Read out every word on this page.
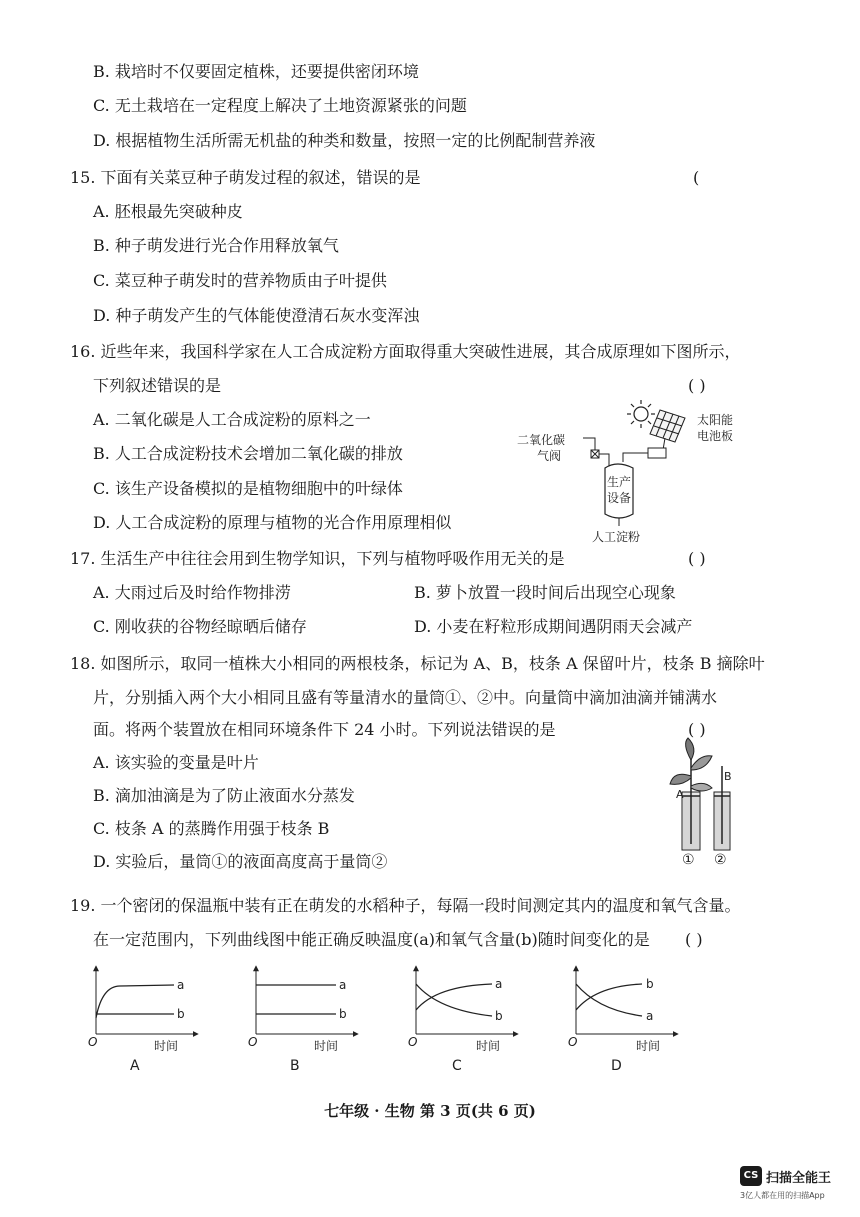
B. 栽培时不仅要固定植株，还要提供密闭环境
C. 无土栽培在一定程度上解决了土地资源紧张的问题
D. 根据植物生活所需无机盐的种类和数量，按照一定的比例配制营养液
15. 下面有关菜豆种子萌发过程的叙述，错误的是	(
A. 胚根最先突破种皮
B. 种子萌发进行光合作用释放氧气
C. 菜豆种子萌发时的营养物质由子叶提供
D. 种子萌发产生的气体能使澄清石灰水变浑浊
16. 近些年来，我国科学家在人工合成淀粉方面取得重大突破性进展，其合成原理如下图所示，
下列叙述错误的是	( )
A. 二氧化碳是人工合成淀粉的原料之一
B. 人工合成淀粉技术会增加二氧化碳的排放
C. 该生产设备模拟的是植物细胞中的叶绿体
D. 人工合成淀粉的原理与植物的光合作用原理相似
太阳能
电池板
二氧化碳
气阀
生产
设备
人工淀粉
17. 生活生产中往往会用到生物学知识，下列与植物呼吸作用无关的是	( )
A. 大雨过后及时给作物排涝	B. 萝卜放置一段时间后出现空心现象
C. 刚收获的谷物经晾晒后储存	D. 小麦在籽粒形成期间遇阴雨天会减产
18. 如图所示，取同一植株大小相同的两根枝条，标记为 A、B，枝条 A 保留叶片，枝条 B 摘除叶
片，分别插入两个大小相同且盛有等量清水的量筒①、②中。向量筒中滴加油滴并铺满水
面。将两个装置放在相同环境条件下 24 小时。下列说法错误的是	( )
A. 该实验的变量是叶片
B. 滴加油滴是为了防止液面水分蒸发
C. 枝条 A 的蒸腾作用强于枝条 B
D. 实验后，量筒①的液面高度高于量筒②
A
B
① ②
19. 一个密闭的保温瓶中装有正在萌发的水稻种子，每隔一段时间测定其内的温度和氧气含量。
在一定范围内，下列曲线图中能正确反映温度(a)和氧气含量(b)随时间变化的是 ( )
a
b
O	时间
A
a
b
O	时间
B
a
b
O	时间
C
b
a
O	时间
D
七年级 · 生物 第 3 页(共 6 页)
CS 扫描全能王
3亿人都在用的扫描App
